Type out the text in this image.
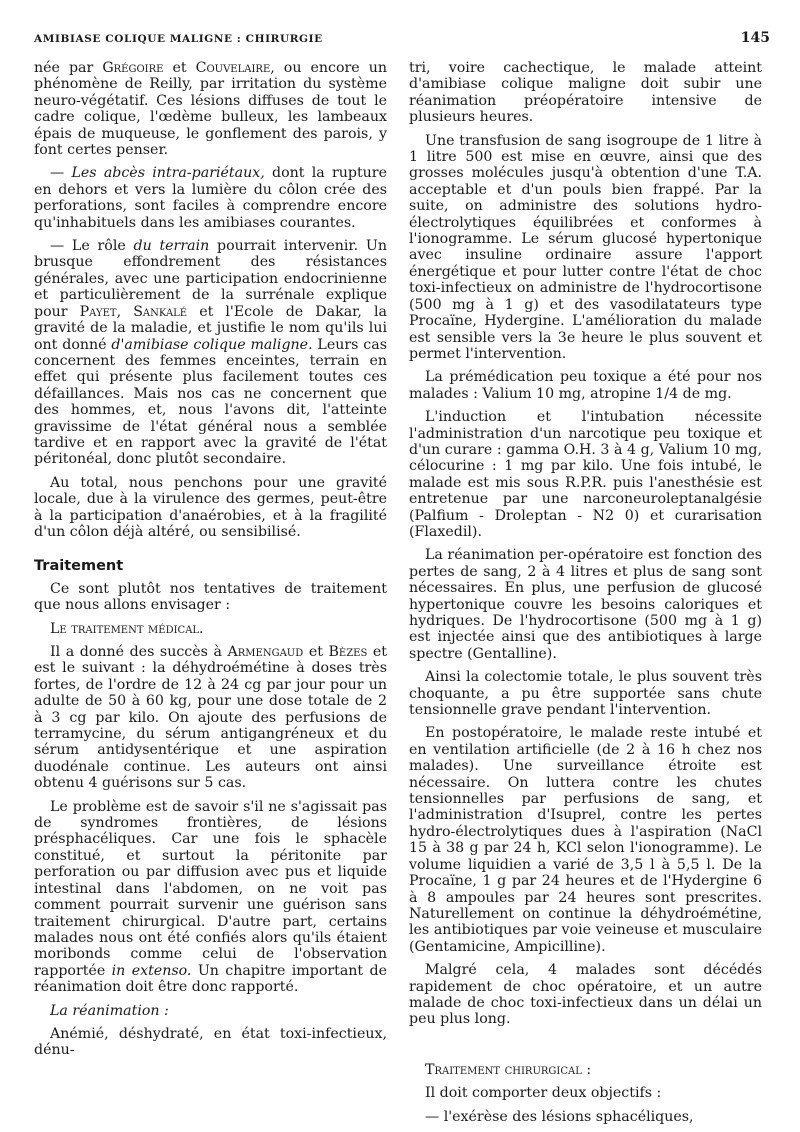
AMIBIASE COLIQUE MALIGNE : CHIRURGIE	145

née par Grégoire et Couvelaire, ou encore un phénomène de Reilly, par irritation du système neuro-végétatif. Ces lésions diffuses de tout le cadre colique, l'œdème bulleux, les lambeaux épais de muqueuse, le gonflement des parois, y font certes penser.

— Les abcès intra-pariétaux, dont la rupture en dehors et vers la lumière du côlon crée des perforations, sont faciles à comprendre encore qu'inhabituels dans les amibiases courantes.

— Le rôle du terrain pourrait intervenir. Un brusque effondrement des résistances générales, avec une participation endocrinienne et particulièrement de la surrénale explique pour Payet, Sankalé et l'Ecole de Dakar, la gravité de la maladie, et justifie le nom qu'ils lui ont donné d'amibiase colique maligne. Leurs cas concernent des femmes enceintes, terrain en effet qui présente plus facilement toutes ces défaillances. Mais nos cas ne concernent que des hommes, et, nous l'avons dit, l'atteinte gravissime de l'état général nous a semblée tardive et en rapport avec la gravité de l'état péritonéal, donc plutôt secondaire.

Au total, nous penchons pour une gravité locale, due à la virulence des germes, peut-être à la participation d'anaérobies, et à la fragilité d'un côlon déjà altéré, ou sensibilisé.

Traitement

Ce sont plutôt nos tentatives de traitement que nous allons envisager :

Le traitement médical.

Il a donné des succès à Armengaud et Bèzes et est le suivant : la déhydroémétine à doses très fortes, de l'ordre de 12 à 24 cg par jour pour un adulte de 50 à 60 kg, pour une dose totale de 2 à 3 cg par kilo. On ajoute des perfusions de terramycine, du sérum antigangréneux et du sérum antidysentérique et une aspiration duodénale continue. Les auteurs ont ainsi obtenu 4 guérisons sur 5 cas.

Le problème est de savoir s'il ne s'agissait pas de syndromes frontières, de lésions présphacéliques. Car une fois le sphacèle constitué, et surtout la péritonite par perforation ou par diffusion avec pus et liquide intestinal dans l'abdomen, on ne voit pas comment pourrait survenir une guérison sans traitement chirurgical. D'autre part, certains malades nous ont été confiés alors qu'ils étaient moribonds comme celui de l'observation rapportée in extenso. Un chapitre important de réanimation doit être donc rapporté.

La réanimation :

Anémié, déshydraté, en état toxi-infectieux, dénu-

tri, voire cachectique, le malade atteint d'amibiase colique maligne doit subir une réanimation préopératoire intensive de plusieurs heures.

Une transfusion de sang isogroupe de 1 litre à 1 litre 500 est mise en œuvre, ainsi que des grosses molécules jusqu'à obtention d'une T.A. acceptable et d'un pouls bien frappé. Par la suite, on administre des solutions hydro-électrolytiques équilibrées et conformes à l'ionogramme. Le sérum glucosé hypertonique avec insuline ordinaire assure l'apport énergétique et pour lutter contre l'état de choc toxi-infectieux on administre de l'hydrocortisone (500 mg à 1 g) et des vasodilatateurs type Procaïne, Hydergine. L'amélioration du malade est sensible vers la 3e heure le plus souvent et permet l'intervention.

La prémédication peu toxique a été pour nos malades : Valium 10 mg, atropine 1/4 de mg.

L'induction et l'intubation nécessite l'administration d'un narcotique peu toxique et d'un curare : gamma O.H. 3 à 4 g, Valium 10 mg, célocurine : 1 mg par kilo. Une fois intubé, le malade est mis sous R.P.R. puis l'anesthésie est entretenue par une narconeuroleptanalgésie (Palfium - Droleptan - N2 0) et curarisation (Flaxedil).

La réanimation per-opératoire est fonction des pertes de sang, 2 à 4 litres et plus de sang sont nécessaires. En plus, une perfusion de glucosé hypertonique couvre les besoins caloriques et hydriques. De l'hydrocortisone (500 mg à 1 g) est injectée ainsi que des antibiotiques à large spectre (Gentalline).

Ainsi la colectomie totale, le plus souvent très choquante, a pu être supportée sans chute tensionnelle grave pendant l'intervention.

En postopératoire, le malade reste intubé et en ventilation artificielle (de 2 à 16 h chez nos malades). Une surveillance étroite est nécessaire. On luttera contre les chutes tensionnelles par perfusions de sang, et l'administration d'Isuprel, contre les pertes hydro-électrolytiques dues à l'aspiration (NaCl 15 à 38 g par 24 h, KCl selon l'ionogramme). Le volume liquidien a varié de 3,5 l à 5,5 l. De la Procaïne, 1 g par 24 heures et de l'Hydergine 6 à 8 ampoules par 24 heures sont prescrites. Naturellement on continue la déhydroémétine, les antibiotiques par voie veineuse et musculaire (Gentamicine, Ampicilline).

Malgré cela, 4 malades sont décédés rapidement de choc opératoire, et un autre malade de choc toxi-infectieux dans un délai un peu plus long.

Traitement chirurgical :

Il doit comporter deux objectifs :

— l'exérèse des lésions sphacéliques,
